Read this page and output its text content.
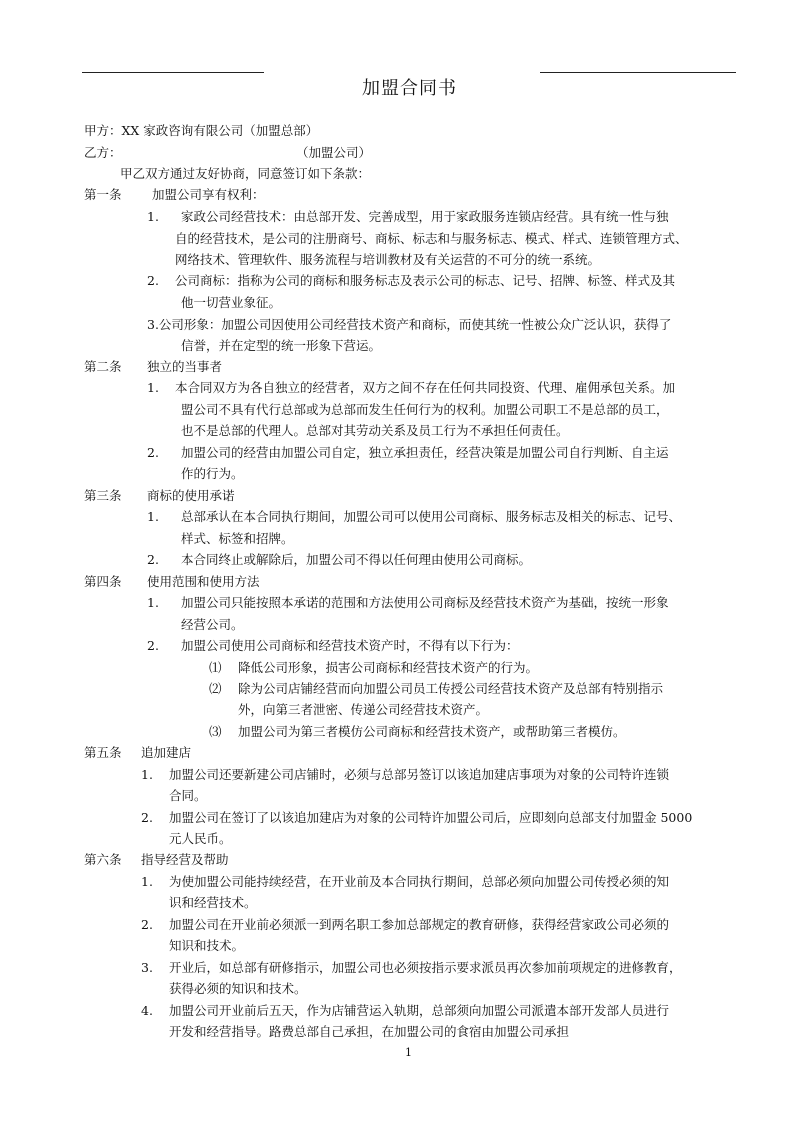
加盟合同书
甲方：XX 家政咨询有限公司（加盟总部）
乙方：	（加盟公司）
甲乙双方通过友好协商，同意签订如下条款：
第一条 加盟公司享有权利：
1. 家政公司经营技术：由总部开发、完善成型，用于家政服务连锁店经营。具有统一性与独
自的经营技术，是公司的注册商号、商标、标志和与服务标志、模式、样式、连锁管理方式、
网络技术、管理软件、服务流程与培训教材及有关运营的不可分的统一系统。
2. 公司商标：指称为公司的商标和服务标志及表示公司的标志、记号、招牌、标签、样式及其
他一切营业象征。
3.公司形象：加盟公司因使用公司经营技术资产和商标，而使其统一性被公众广泛认识，获得了
信誉，并在定型的统一形象下营运。
第二条 独立的当事者
1. 本合同双方为各自独立的经营者，双方之间不存在任何共同投资、代理、雇佣承包关系。加
盟公司不具有代行总部或为总部而发生任何行为的权利。加盟公司职工不是总部的员工，
也不是总部的代理人。总部对其劳动关系及员工行为不承担任何责任。
2. 加盟公司的经营由加盟公司自定，独立承担责任，经营决策是加盟公司自行判断、自主运
作的行为。
第三条 商标的使用承诺
1. 总部承认在本合同执行期间，加盟公司可以使用公司商标、服务标志及相关的标志、记号、
样式、标签和招牌。
2. 本合同终止或解除后，加盟公司不得以任何理由使用公司商标。
第四条 使用范围和使用方法
1. 加盟公司只能按照本承诺的范围和方法使用公司商标及经营技术资产为基础，按统一形象
经营公司。
2. 加盟公司使用公司商标和经营技术资产时，不得有以下行为：
⑴ 降低公司形象，损害公司商标和经营技术资产的行为。
⑵ 除为公司店铺经营而向加盟公司员工传授公司经营技术资产及总部有特别指示
外，向第三者泄密、传递公司经营技术资产。
⑶ 加盟公司为第三者模仿公司商标和经营技术资产，或帮助第三者模仿。
第五条 追加建店
1. 加盟公司还要新建公司店铺时，必须与总部另签订以该追加建店事项为对象的公司特许连锁
合同。
2. 加盟公司在签订了以该追加建店为对象的公司特许加盟公司后，应即刻向总部支付加盟金 5000
元人民币。
第六条 指导经营及帮助
1. 为使加盟公司能持续经营，在开业前及本合同执行期间，总部必须向加盟公司传授必须的知
识和经营技术。
2. 加盟公司在开业前必须派一到两名职工参加总部规定的教育研修，获得经营家政公司必须的
知识和技术。
3. 开业后，如总部有研修指示，加盟公司也必须按指示要求派员再次参加前项规定的进修教育，
获得必须的知识和技术。
4. 加盟公司开业前后五天，作为店铺营运入轨期，总部须向加盟公司派遣本部开发部人员进行
开发和经营指导。路费总部自己承担，在加盟公司的食宿由加盟公司承担
1
